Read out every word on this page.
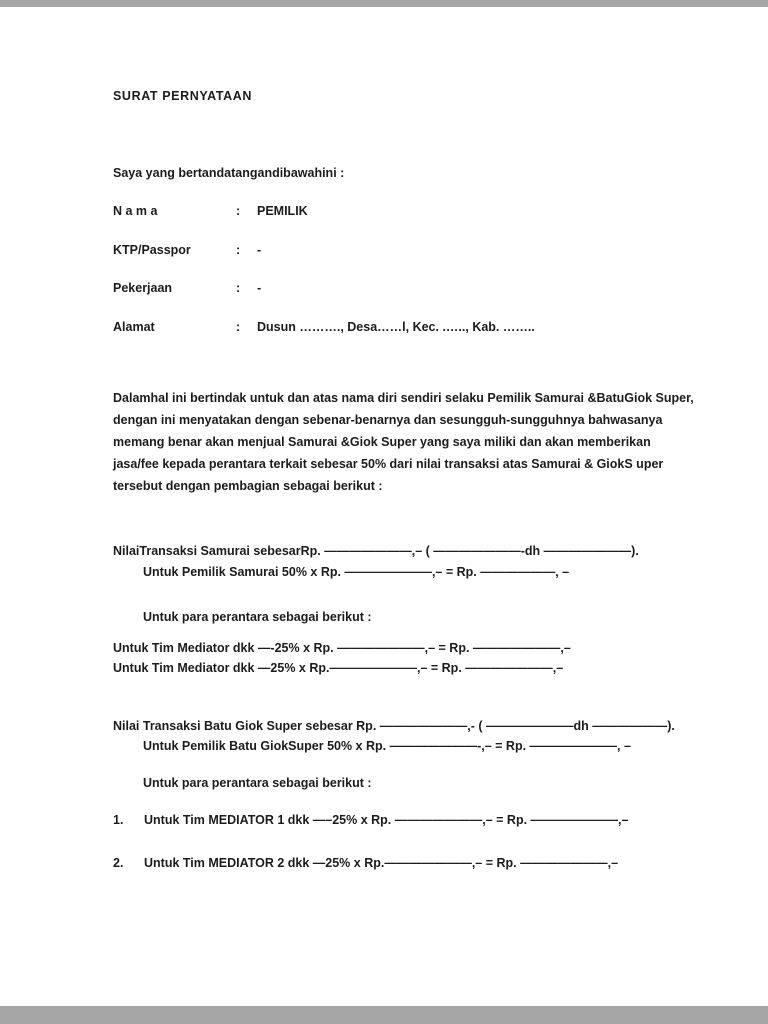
SURAT PERNYATAAN
Saya yang bertandatangandibawahini :
N a m a	:	PEMILIK
KTP/Passpor	:	-
Pekerjaan	:	-
Alamat	:	Dusun ………., Desa……l, Kec. .….., Kab. ……..
Dalamhal ini bertindak untuk dan atas nama diri sendiri selaku Pemilik Samurai &BatuGiok Super,
dengan ini menyatakan dengan sebenar-benarnya dan sesungguh-sungguhnya bahwasanya
memang benar akan menjual Samurai &Giok Super yang saya miliki dan akan memberikan
jasa/fee kepada perantara terkait sebesar 50% dari nilai transaksi atas Samurai & GiokS uper
tersebut dengan pembagian sebagai berikut :
NilaiTransaksi Samurai sebesarRp. ———————,– ( ———————-dh ———————).
Untuk Pemilik Samurai 50% x Rp. ———————,– = Rp. ——————, –
Untuk para perantara sebagai berikut :
Untuk Tim Mediator dkk —-25% x Rp. ———————,– = Rp. ———————,–
Untuk Tim Mediator dkk —25% x Rp.———————,– = Rp. ———————,–
Nilai Transaksi Batu Giok Super sebesar Rp. ———————,- ( ———————dh ——————).
Untuk Pemilik Batu GiokSuper 50% x Rp. ———————-,– = Rp. ———————, –
Untuk para perantara sebagai berikut :
1.	Untuk Tim MEDIATOR 1 dkk —–25% x Rp. ———————,– = Rp. ———————,–
2.	Untuk Tim MEDIATOR 2 dkk —25% x Rp.———————,– = Rp. ———————,–
